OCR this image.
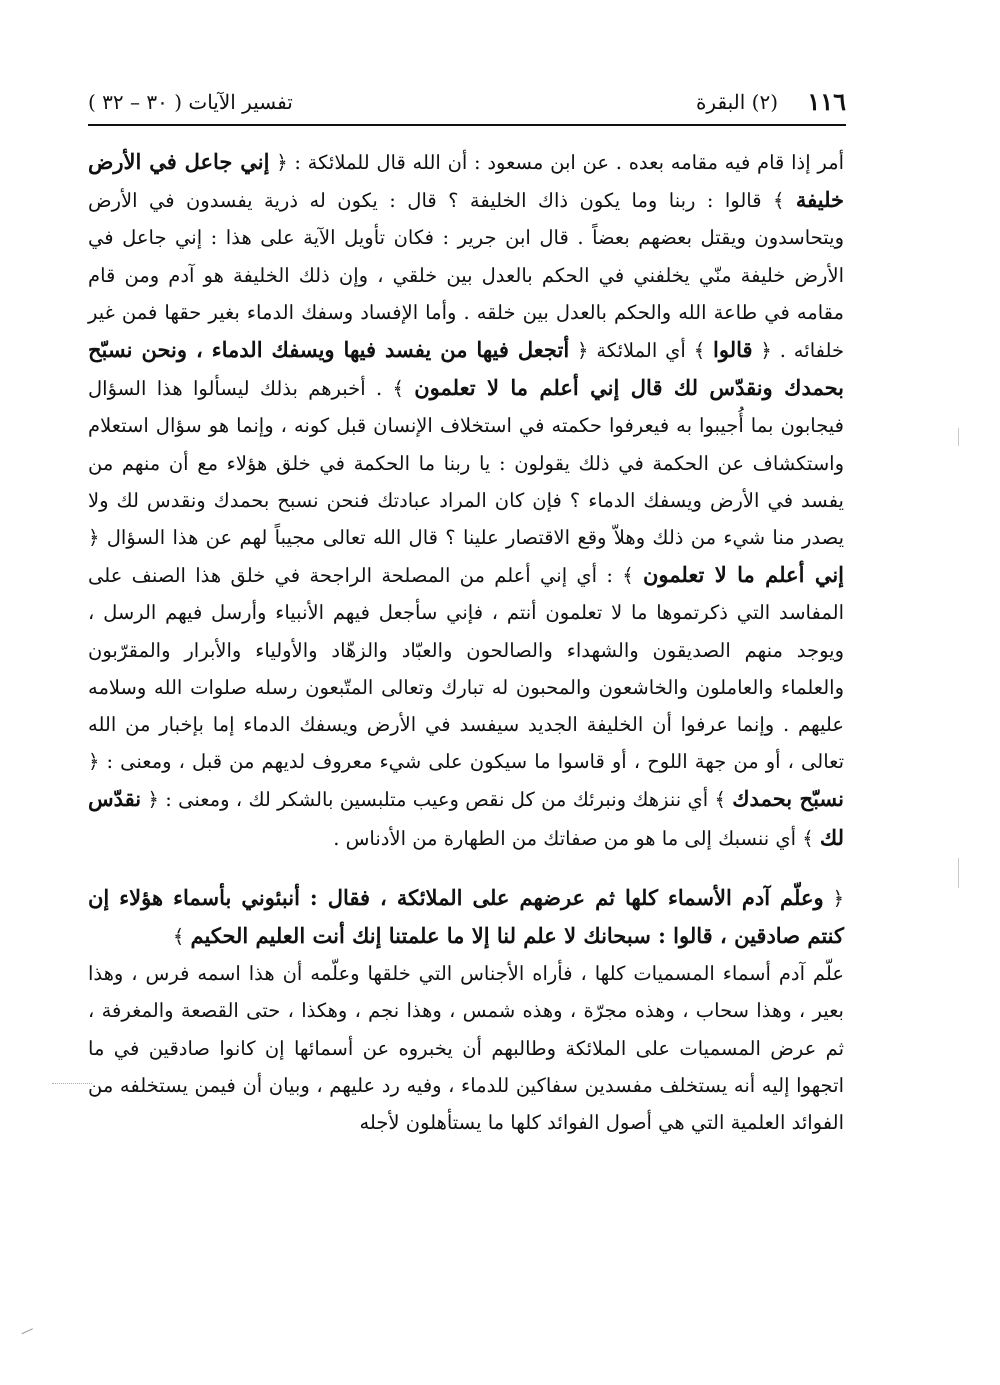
١١٦
(٢) البقرة
تفسير الآيات ( ٣٠ – ٣٢ )

أمر إذا قام فيه مقامه بعده . عن ابن مسعود : أن الله قال للملائكة : ﴿ إني جاعل في الأرض خليفة ﴾ قالوا : ربنا وما يكون ذاك الخليفة ؟ قال : يكون له ذرية يفسدون في الأرض ويتحاسدون ويقتل بعضهم بعضاً . قال ابن جرير : فكان تأويل الآية على هذا : إني جاعل في الأرض خليفة منّي يخلفني في الحكم بالعدل بين خلقي ، وإن ذلك الخليفة هو آدم ومن قام مقامه في طاعة الله والحكم بالعدل بين خلقه . وأما الإفساد وسفك الدماء بغير حقها فمن غير خلفائه . ﴿ قالوا ﴾ أي الملائكة ﴿ أتجعل فيها من يفسد فيها ويسفك الدماء ، ونحن نسبّح بحمدك ونقدّس لك قال إني أعلم ما لا تعلمون ﴾ . أخبرهم بذلك ليسألوا هذا السؤال فيجابون بما أُجيبوا به فيعرفوا حكمته في استخلاف الإنسان قبل كونه ، وإنما هو سؤال استعلام واستكشاف عن الحكمة في ذلك يقولون : يا ربنا ما الحكمة في خلق هؤلاء مع أن منهم من يفسد في الأرض ويسفك الدماء ؟ فإن كان المراد عبادتك فنحن نسبح بحمدك ونقدس لك ولا يصدر منا شيء من ذلك وهلاّ وقع الاقتصار علينا ؟ قال الله تعالى مجيباً لهم عن هذا السؤال ﴿ إني أعلم ما لا تعلمون ﴾ : أي إني أعلم من المصلحة الراجحة في خلق هذا الصنف على المفاسد التي ذكرتموها ما لا تعلمون أنتم ، فإني سأجعل فيهم الأنبياء وأرسل فيهم الرسل ، ويوجد منهم الصديقون والشهداء والصالحون والعبّاد والزهّاد والأولياء والأبرار والمقرّبون والعلماء والعاملون والخاشعون والمحبون له تبارك وتعالى المتّبعون رسله صلوات الله وسلامه عليهم . وإنما عرفوا أن الخليفة الجديد سيفسد في الأرض ويسفك الدماء إما بإخبار من الله تعالى ، أو من جهة اللوح ، أو قاسوا ما سيكون على شيء معروف لديهم من قبل ، ومعنى : ﴿ نسبّح بحمدك ﴾ أي ننزهك ونبرئك من كل نقص وعيب متلبسين بالشكر لك ، ومعنى : ﴿ نقدّس لك ﴾ أي ننسبك إلى ما هو من صفاتك من الطهارة من الأدناس .

﴿ وعلّم آدم الأسماء كلها ثم عرضهم على الملائكة ، فقال : أنبئوني بأسماء هؤلاء إن كنتم صادقين ، قالوا : سبحانك لا علم لنا إلا ما علمتنا إنك أنت العليم الحكيم ﴾

علّم آدم أسماء المسميات كلها ، فأراه الأجناس التي خلقها وعلّمه أن هذا اسمه فرس ، وهذا بعير ، وهذا سحاب ، وهذه مجرّة ، وهذه شمس ، وهذا نجم ، وهكذا ، حتى القصعة والمغرفة ، ثم عرض المسميات على الملائكة وطالبهم أن يخبروه عن أسمائها إن كانوا صادقين في ما اتجهوا إليه أنه يستخلف مفسدين سفاكين للدماء ، وفيه رد عليهم ، وبيان أن فيمن يستخلفه من الفوائد العلمية التي هي أصول الفوائد كلها ما يستأهلون لأجله
